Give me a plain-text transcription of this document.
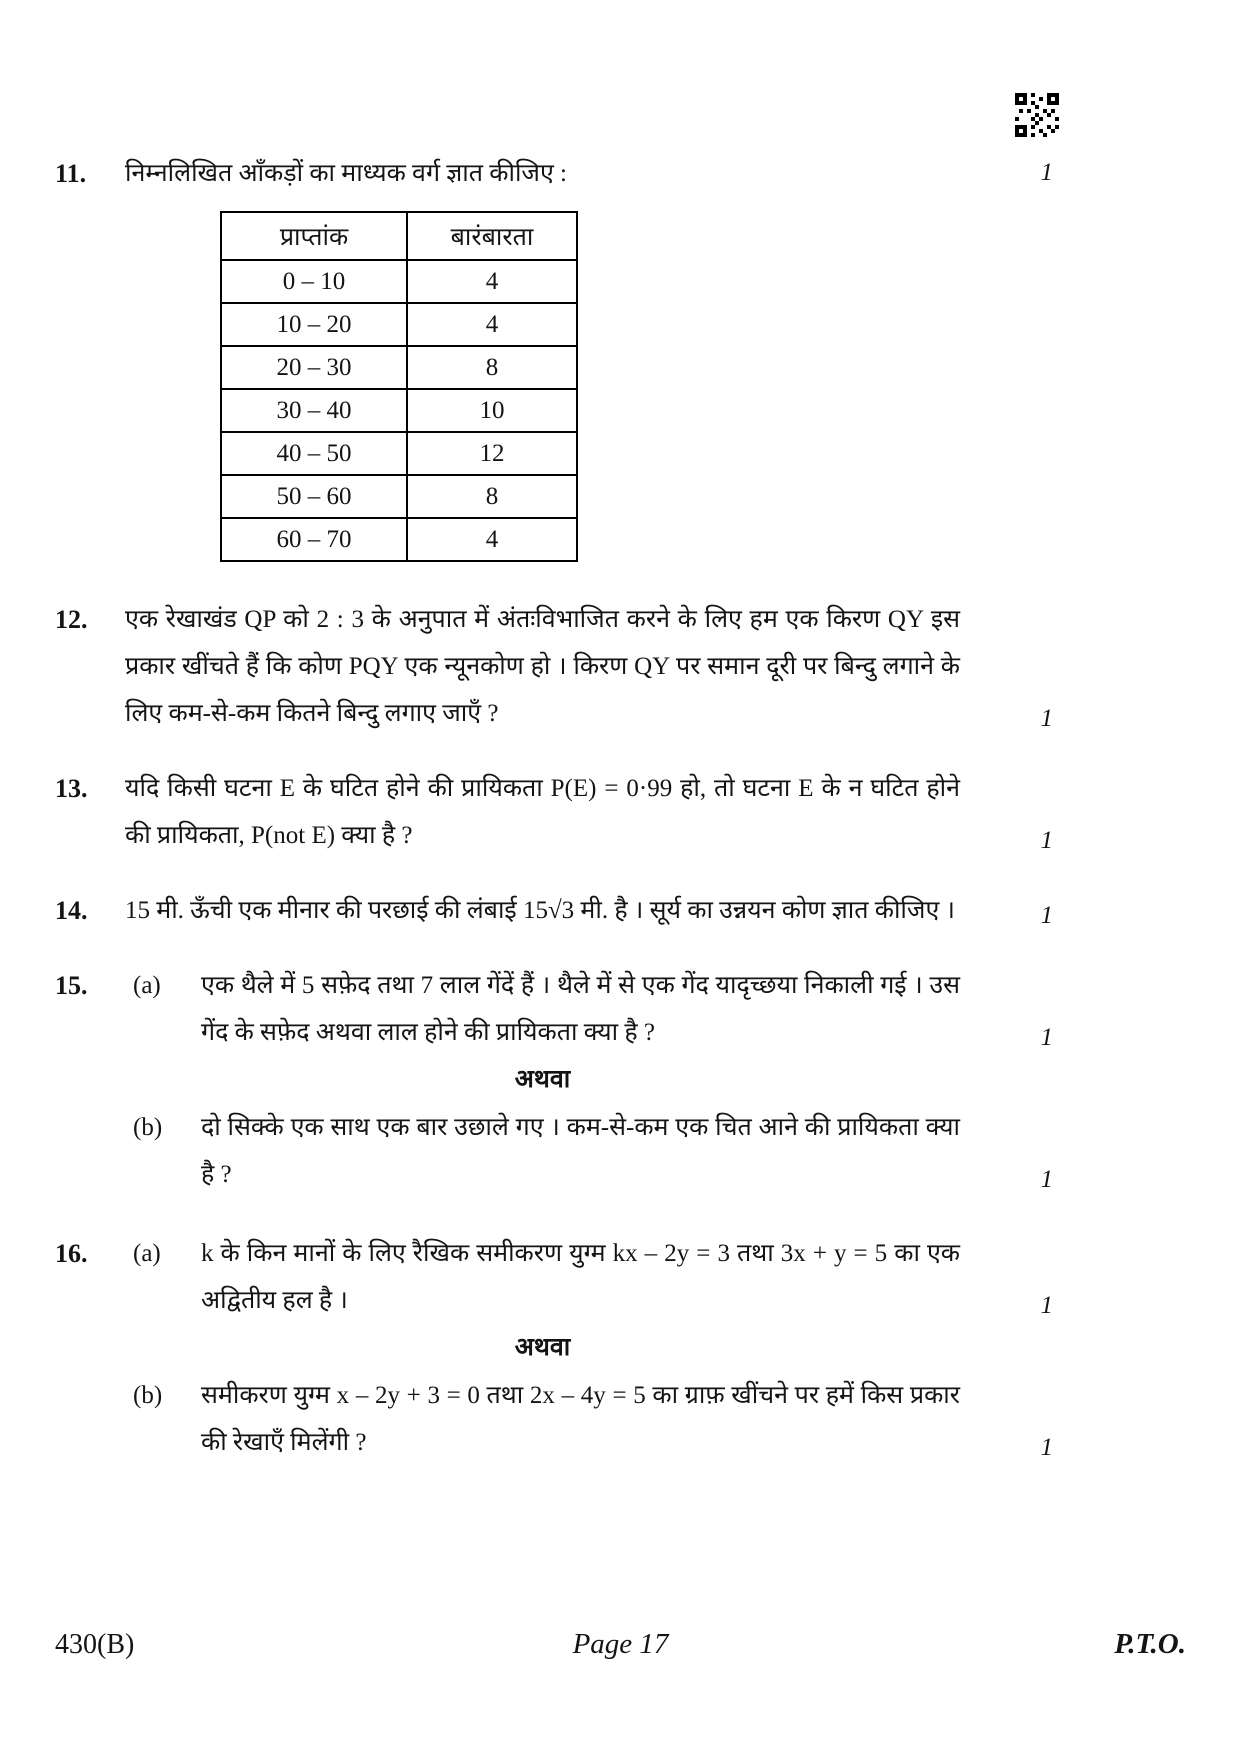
11.	निम्नलिखित आँकड़ों का माध्यक वर्ग ज्ञात कीजिए :	1
प्राप्तांक	बारंबारता
0 – 10	4
10 – 20	4
20 – 30	8
30 – 40	10
40 – 50	12
50 – 60	8
60 – 70	4
12.	एक रेखाखंड QP को 2 : 3 के अनुपात में अंतःविभाजित करने के लिए हम एक किरण QY इस प्रकार खींचते हैं कि कोण PQY एक न्यूनकोण हो । किरण QY पर समान दूरी पर बिन्दु लगाने के लिए कम-से-कम कितने बिन्दु लगाए जाएँ ?	1
13.	यदि किसी घटना E के घटित होने की प्रायिकता P(E) = 0·99 हो, तो घटना E के न घटित होने की प्रायिकता, P(not E) क्या है ?	1
14.	15 मी. ऊँची एक मीनार की परछाई की लंबाई 15√3 मी. है । सूर्य का उन्नयन कोण ज्ञात कीजिए ।	1
15.	(a)	एक थैले में 5 सफ़ेद तथा 7 लाल गेंदें हैं । थैले में से एक गेंद यादृच्छया निकाली गई । उस गेंद के सफ़ेद अथवा लाल होने की प्रायिकता क्या है ?	1
अथवा
(b)	दो सिक्के एक साथ एक बार उछाले गए । कम-से-कम एक चित आने की प्रायिकता क्या है ?	1
16.	(a)	k के किन मानों के लिए रैखिक समीकरण युग्म kx – 2y = 3 तथा 3x + y = 5 का एक अद्वितीय हल है ।	1
अथवा
(b)	समीकरण युग्म x – 2y + 3 = 0 तथा 2x – 4y = 5 का ग्राफ़ खींचने पर हमें किस प्रकार की रेखाएँ मिलेंगी ?	1
430(B)	Page 17	P.T.O.
